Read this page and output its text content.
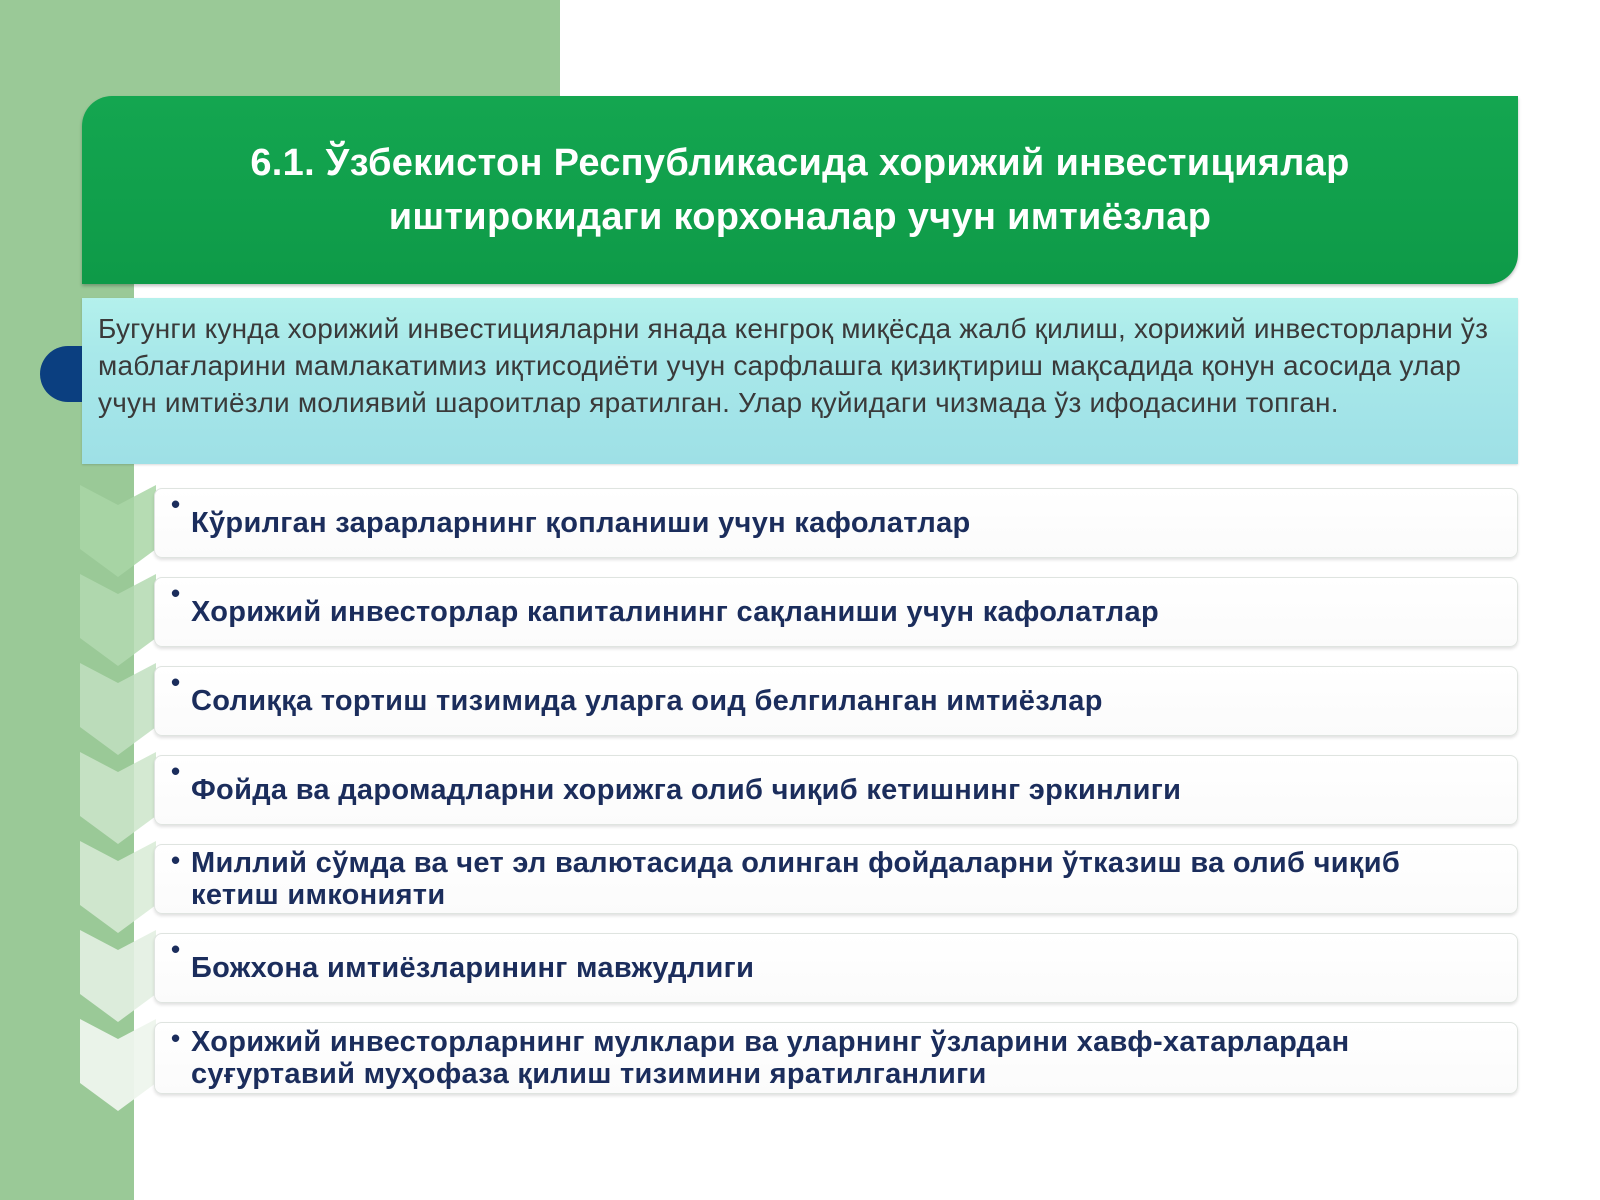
6.1. Ўзбекистон Республикасида хорижий инвестициялар
иштирокидаги корхоналар учун имтиёзлар
Бугунги кунда хорижий инвестицияларни янада кенгроқ миқёсда жалб қилиш, хорижий инвесторларни ўз маблағларини мамлакатимиз иқтисодиёти учун сарфлашга қизиқтириш мақсадида қонун асосида улар учун имтиёзли молиявий шароитлар яратилган. Улар қуйидаги чизмада ўз ифодасини топган.
•
Кўрилган зарарларнинг қопланиши учун кафолатлар
•
Хорижий инвесторлар капиталининг сақланиши учун кафолатлар
•
Солиққа тортиш тизимида уларга оид белгиланган имтиёзлар
•
Фойда ва даромадларни хорижга олиб чиқиб кетишнинг эркинлиги
• Миллий сўмда ва чет эл валютасида олинган фойдаларни ўтказиш ва олиб чиқиб кетиш имконияти
•
Божхона имтиёзларининг мавжудлиги
• Хорижий инвесторларнинг мулклари ва уларнинг ўзларини хавф-хатарлардан суғуртавий муҳофаза қилиш тизимини яратилганлиги
